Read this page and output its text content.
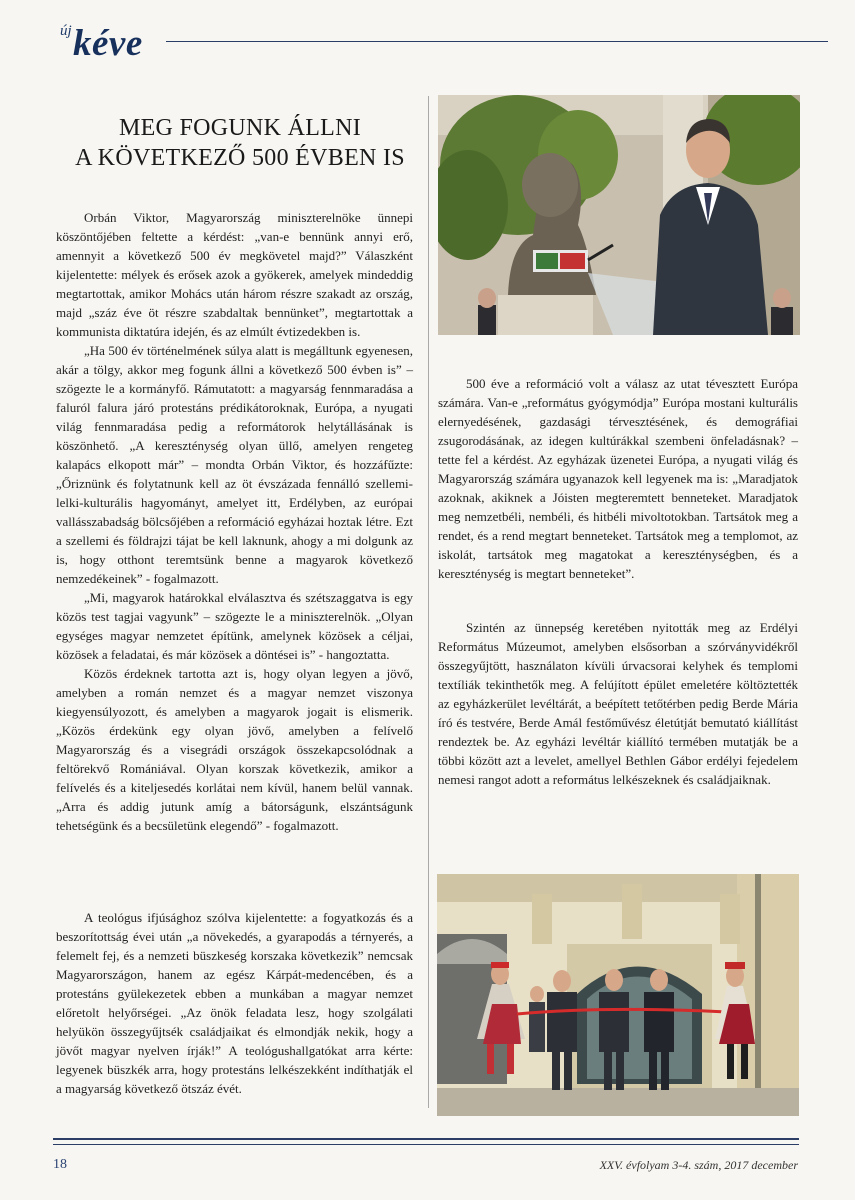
új kéve
MEG FOGUNK ÁLLNI
A KÖVETKEZŐ 500 ÉVBEN IS

Orbán Viktor, Magyarország miniszterelnöke ünnepi köszöntőjében feltette a kérdést: „van-e bennünk annyi erő, amennyit a következő 500 év megkövetel majd?” Válaszként kijelentette: mélyek és erősek azok a gyökerek, amelyek mindeddig megtartottak, amikor Mohács után három részre szakadt az ország, majd „száz éve öt részre szabdaltak bennünket”, megtartottak a kommunista diktatúra idején, és az elmúlt évtizedekben is.

„Ha 500 év történelmének súlya alatt is megálltunk egyenesen, akár a tölgy, akkor meg fogunk állni a következő 500 évben is” – szögezte le a kormányfő. Rámutatott: a magyarság fennmaradása a faluról falura járó protestáns prédikátoroknak, Európa, a nyugati világ fennmaradása pedig a reformátorok helytállásának is köszönhető. „A kereszténység olyan üllő, amelyen rengeteg kalapács elkopott már” – mondta Orbán Viktor, és hozzáfűzte: „Őriznünk és folytatnunk kell az öt évszázada fennálló szellemi-lelki-kulturális hagyományt, amelyet itt, Erdélyben, az európai vallásszabadság bölcsőjében a reformáció egyházai hoztak létre. Ezt a szellemi és földrajzi tájat be kell laknunk, ahogy a mi dolgunk az is, hogy otthont teremtsünk benne a magyarok következő nemzedékeinek” - fogalmazott.

„Mi, magyarok határokkal elválasztva és szétszaggatva is egy közös test tagjai vagyunk” – szögezte le a miniszterelnök. „Olyan egységes magyar nemzetet építünk, amelynek közösek a céljai, közösek a feladatai, és már közösek a döntései is” - hangoztatta.

Közös érdeknek tartotta azt is, hogy olyan legyen a jövő, amelyben a román nemzet és a magyar nemzet viszonya kiegyensúlyozott, és amelyben a magyarok jogait is elismerik. „Közös érdekünk egy olyan jövő, amelyben a felívelő Magyarország és a visegrádi országok összekapcsolódnak a feltörekvő Romániával. Olyan korszak következik, amikor a felívelés és a kiteljesedés korlátai nem kívül, hanem belül vannak. „Arra és addig jutunk amíg a bátorságunk, elszántságunk tehetségünk és a becsületünk elegendő” - fogalmazott.

A teológus ifjúsághoz szólva kijelentette: a fogyatkozás és a beszorítottság évei után „a növekedés, a gyarapodás a térnyerés, a felemelt fej, és a nemzeti büszkeség korszaka következik” nemcsak Magyarországon, hanem az egész Kárpát-medencében, és a protestáns gyülekezetek ebben a munkában a magyar nemzet előretolt helyőrségei. „Az önök feladata lesz, hogy szolgálati helyükön összegyűjtsék családjaikat és elmondják nekik, hogy a jövőt magyar nyelven írják!” A teológushallgatókat arra kérte: legyenek büszkék arra, hogy protestáns lelkészekként indíthatják el a magyarság következő ötszáz évét.

500 éve a reformáció volt a válasz az utat tévesztett Európa számára. Van-e „református gyógymódja” Európa mostani kulturális elernyedésének, gazdasági térvesztésének, és demográfiai zsugorodásának, az idegen kultúrákkal szembeni önfeladásnak? – tette fel a kérdést. Az egyházak üzenetei Európa, a nyugati világ és Magyarország számára ugyanazok kell legyenek ma is: „Maradjatok azoknak, akiknek a Jóisten megteremtett benneteket. Maradjatok meg nemzetbéli, nembéli, és hitbéli mivoltotokban. Tartsátok meg a rendet, és a rend megtart benneteket. Tartsátok meg a templomot, az iskolát, tartsátok meg magatokat a kereszténységben, és a kereszténység is megtart benneteket”.

Szintén az ünnepség keretében nyitották meg az Erdélyi Református Múzeumot, amelyben elsősorban a szórványvidékről összegyűjtött, használaton kívüli úrvacsorai kelyhek és templomi textíliák tekinthetők meg. A felújított épület emeletére költöztették az egyházkerület levéltárát, a beépített tetőtérben pedig Berde Mária író és testvére, Berde Amál festőművész életútját bemutató kiállítást rendeztek be. Az egyházi levéltár kiállító termében mutatják be a többi között azt a levelet, amellyel Bethlen Gábor erdélyi fejedelem nemesi rangot adott a református lelkészeknek és családjaiknak.

18	XXV. évfolyam 3-4. szám, 2017 december
